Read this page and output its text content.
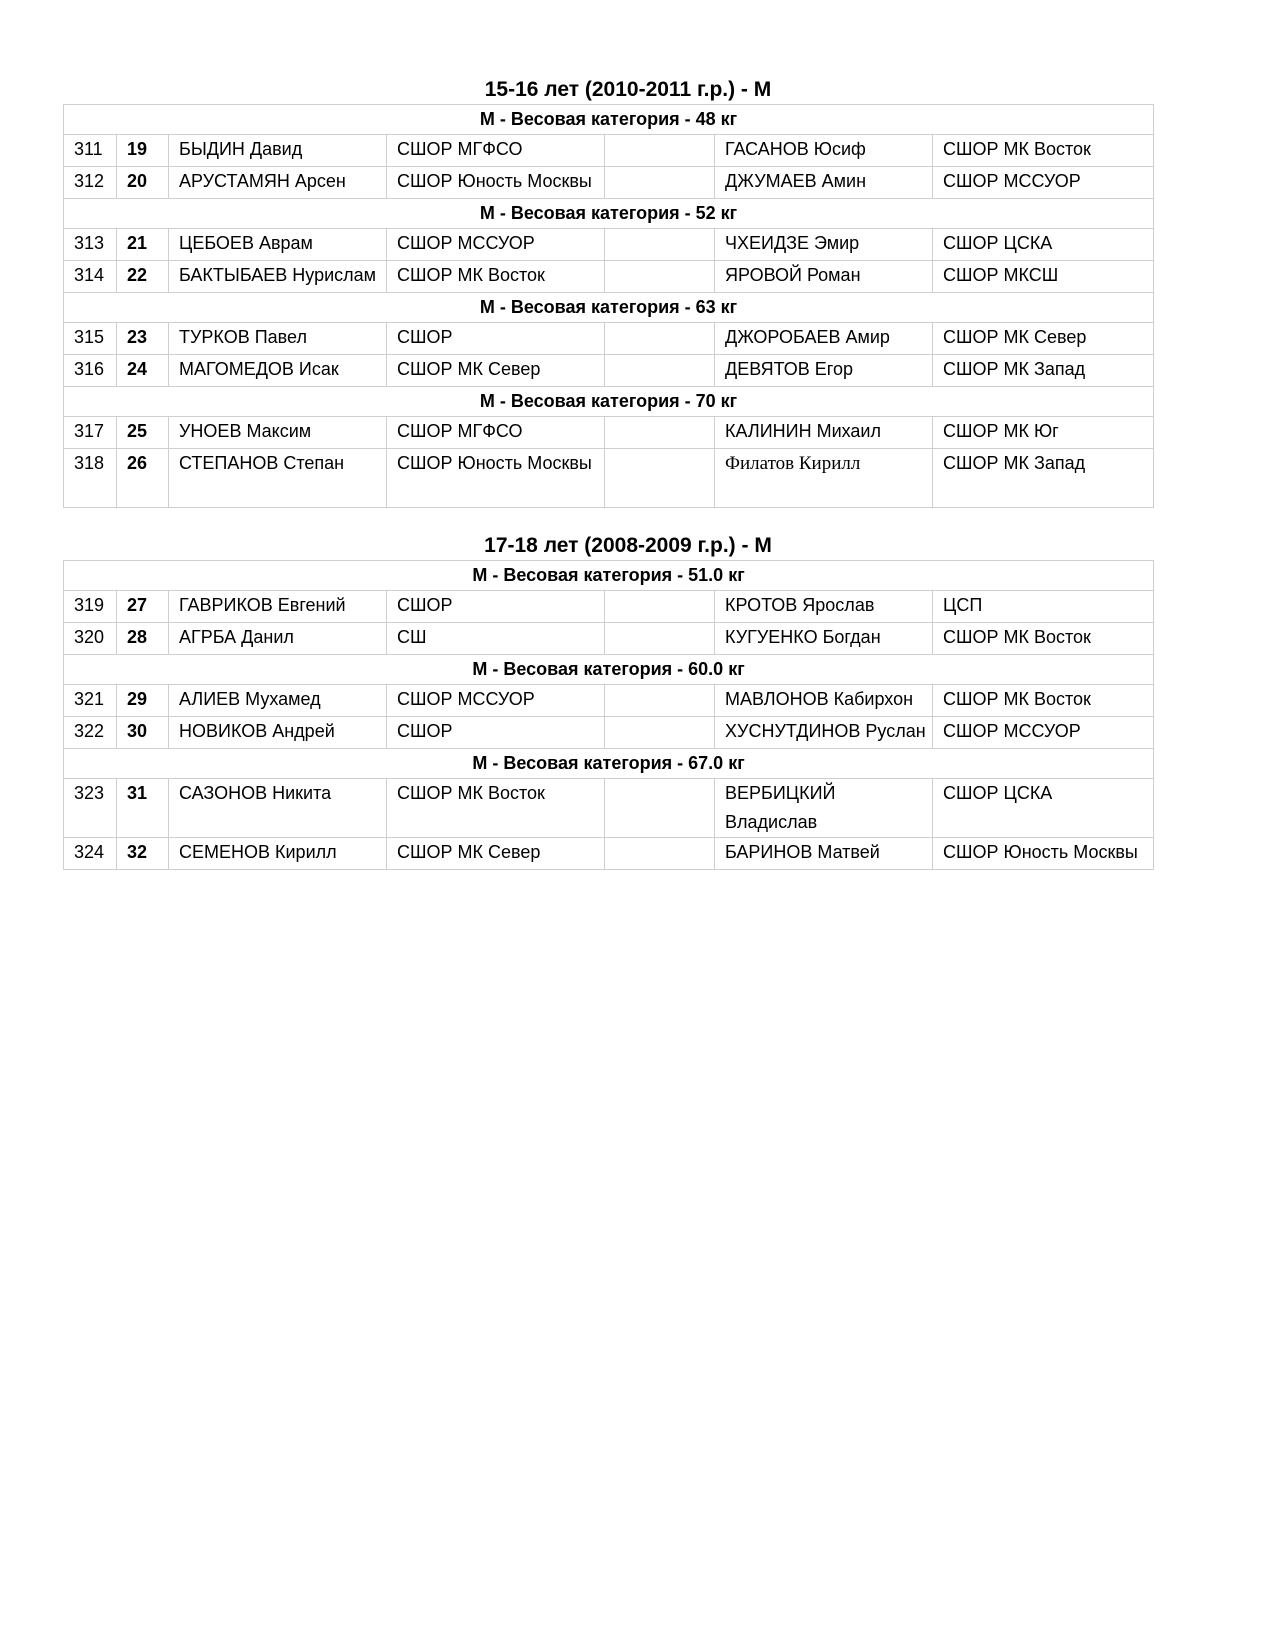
15-16 лет (2010-2011 г.р.) - М
М - Весовая категория - 48 кг						
311	19	БЫДИН Давид	СШОР МГФСО		ГАСАНОВ Юсиф	СШОР МК Восток
312	20	АРУСТАМЯН Арсен	СШОР Юность Москвы		ДЖУМАЕВ Амин	СШОР МССУОР
М - Весовая категория - 52 кг						
313	21	ЦЕБОЕВ Аврам	СШОР МССУОР		ЧХЕИДЗЕ Эмир	СШОР ЦСКА
314	22	БАКТЫБАЕВ Нурислам	СШОР МК Восток		ЯРОВОЙ Роман	СШОР МКСШ
М - Весовая категория - 63 кг						
315	23	ТУРКОВ Павел	СШОР		ДЖОРОБАЕВ Амир	СШОР МК Север
316	24	МАГОМЕДОВ Исак	СШОР МК Север		ДЕВЯТОВ Егор	СШОР МК Запад
М - Весовая категория - 70 кг						
317	25	УНОЕВ Максим	СШОР МГФСО		КАЛИНИН Михаил	СШОР МК Юг
318	26	СТЕПАНОВ Степан	СШОР Юность Москвы		Филатов Кирилл	СШОР МК Запад
17-18 лет (2008-2009 г.р.) - М
М - Весовая категория - 51.0 кг						
319	27	ГАВРИКОВ Евгений	СШОР		КРОТОВ Ярослав	ЦСП
320	28	АГРБА Данил	СШ		КУГУЕНКО Богдан	СШОР МК Восток
М - Весовая категория - 60.0 кг						
321	29	АЛИЕВ Мухамед	СШОР МССУОР		МАВЛОНОВ Кабирхон	СШОР МК Восток
322	30	НОВИКОВ Андрей	СШОР		ХУСНУТДИНОВ Руслан	СШОР МССУОР
М - Весовая категория - 67.0 кг						
323	31	САЗОНОВ Никита	СШОР МК Восток		ВЕРБИЦКИЙ Владислав	СШОР ЦСКА
324	32	СЕМЕНОВ Кирилл	СШОР МК Север		БАРИНОВ Матвей	СШОР Юность Москвы
